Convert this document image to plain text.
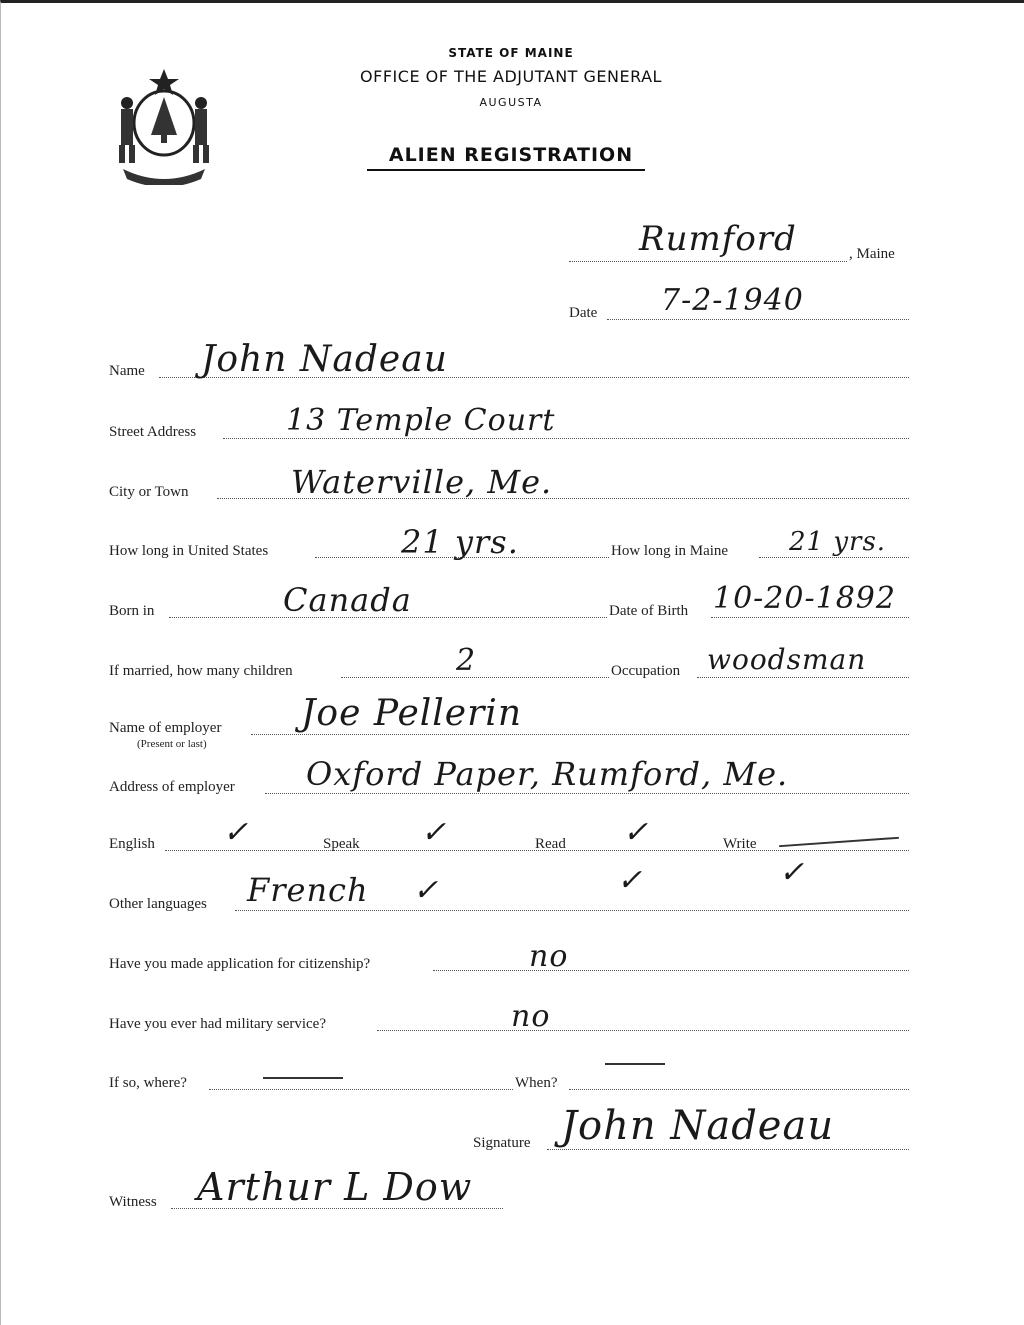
MAINE
STATE OF MAINE
OFFICE OF THE ADJUTANT GENERAL
AUGUSTA
ALIEN REGISTRATION
Rumford	, Maine
Date 7-2-1940
Name John Nadeau
Street Address	13 Temple Court
City or Town	Waterville, Me.
How long in United States	21 yrs.	How long in Maine 21 yrs.
Born in	Canada	Date of Birth 10-20-1892
If married, how many children	2	Occupation woodsman
Name of employer
(Present or last)
Joe Pellerin
Address of employer Oxford Paper, Rumford, Me.
English ✓	Speak ✓	Read ✓	Write
Other languages French ✓	✓	✓
Have you made application for citizenship?	no
Have you ever had military service?	no
If so, where?	When?
Signature John Nadeau
Witness Arthur L Dow
